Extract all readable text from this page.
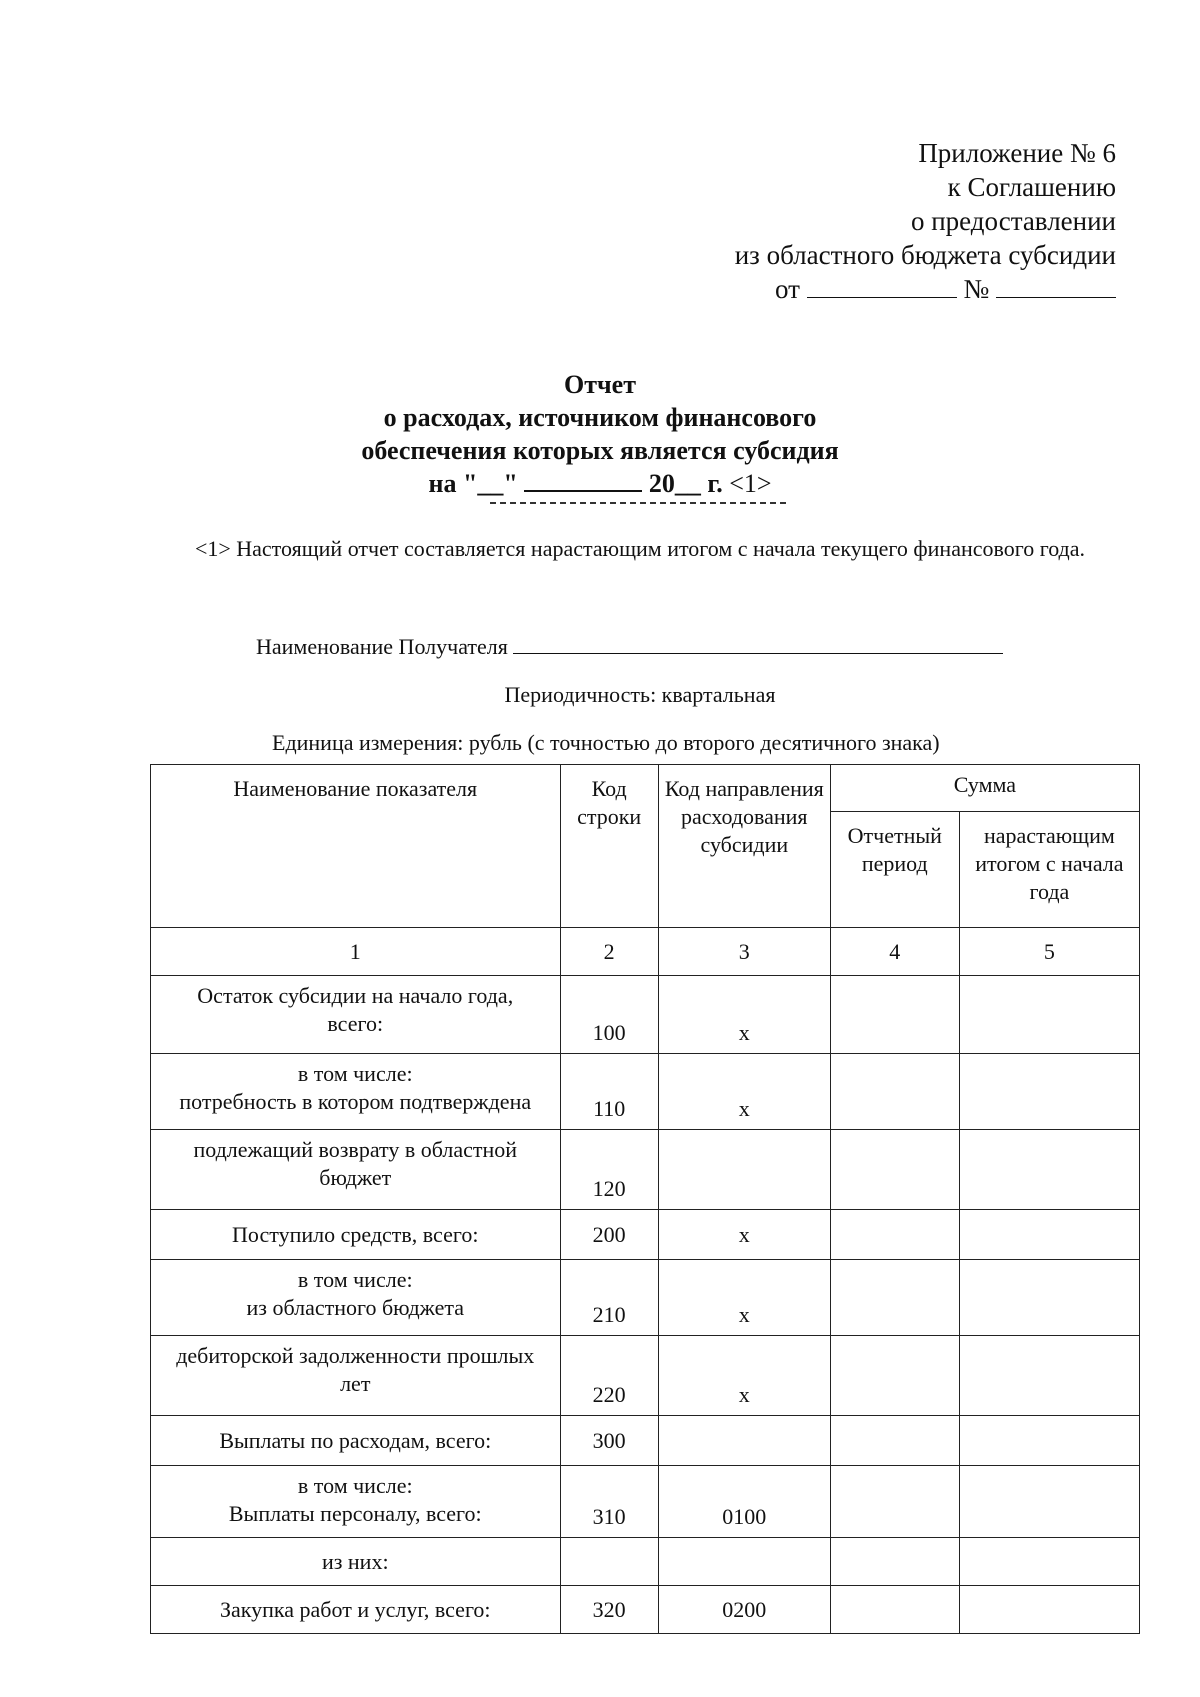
Приложение № 6
к Соглашению
о предоставлении
из областного бюджета субсидии
от	№
Отчет
о расходах, источником финансового
обеспечения которых является субсидия
на "__"	20__ г. <1>
<1> Настоящий отчет составляется нарастающим итогом с начала текущего финансового года.
Наименование Получателя
Периодичность: квартальная
Единица измерения: рубль (с точностью до второго десятичного знака)
Наименование показателя	Код строки	Код направления расходования субсидии	Сумма	
			Отчетный период	нарастающим итогом с начала года
1	2	3	4	5

Остаток субсидии на начало года,
всего:	100	x		

в том числе:
потребность в котором подтверждена	110	x		

подлежащий возврату в областной
бюджет	120			

Поступило средств, всего:	200	x		

в том числе:
из областного бюджета	210	x		

дебиторской задолженности прошлых
лет	220	x		

Выплаты по расходам, всего:	300			

в том числе:
Выплаты персоналу, всего:	310	0100		

из них:				

Закупка работ и услуг, всего:	320	0200		
